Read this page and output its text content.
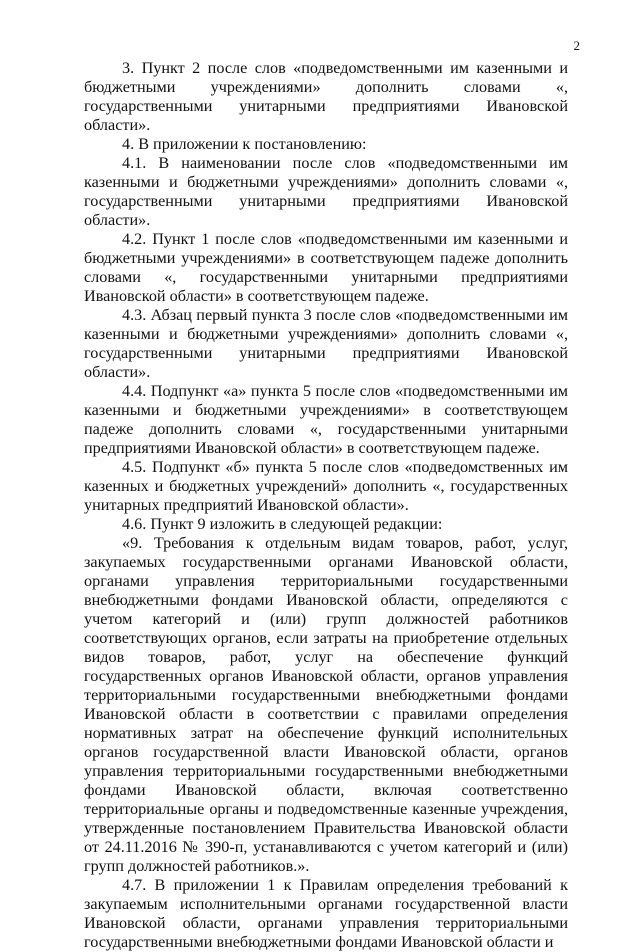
2

3. Пункт 2 после слов «подведомственными им казенными и бюджетными учреждениями» дополнить словами «, государственными унитарными предприятиями Ивановской области».

4. В приложении к постановлению:

4.1. В наименовании после слов «подведомственными им казенными и бюджетными учреждениями» дополнить словами «, государственными унитарными предприятиями Ивановской области».

4.2. Пункт 1 после слов «подведомственными им казенными и бюджетными учреждениями» в соответствующем падеже дополнить словами «, государственными унитарными предприятиями Ивановской области» в соответствующем падеже.

4.3. Абзац первый пункта 3 после слов «подведомственными им казенными и бюджетными учреждениями» дополнить словами «, государственными унитарными предприятиями Ивановской области».

4.4. Подпункт «а» пункта 5 после слов «подведомственными им казенными и бюджетными учреждениями» в соответствующем падеже дополнить словами «, государственными унитарными предприятиями Ивановской области» в соответствующем падеже.

4.5. Подпункт «б» пункта 5 после слов «подведомственных им казенных и бюджетных учреждений» дополнить «, государственных унитарных предприятий Ивановской области».

4.6. Пункт 9 изложить в следующей редакции:

«9. Требования к отдельным видам товаров, работ, услуг, закупаемых государственными органами Ивановской области, органами управления территориальными государственными внебюджетными фондами Ивановской области, определяются с учетом категорий и (или) групп должностей работников соответствующих органов, если затраты на приобретение отдельных видов товаров, работ, услуг на обеспечение функций государственных органов Ивановской области, органов управления территориальными государственными внебюджетными фондами Ивановской области в соответствии с правилами определения нормативных затрат на обеспечение функций исполнительных органов государственной власти Ивановской области, органов управления территориальными государственными внебюджетными фондами Ивановской области, включая соответственно территориальные органы и подведомственные казенные учреждения, утвержденные постановлением Правительства Ивановской области от 24.11.2016 № 390-п, устанавливаются с учетом категорий и (или) групп должностей работников.».

4.7. В приложении 1 к Правилам определения требований к закупаемым исполнительными органами государственной власти Ивановской области, органами управления территориальными государственными внебюджетными фондами Ивановской области и
